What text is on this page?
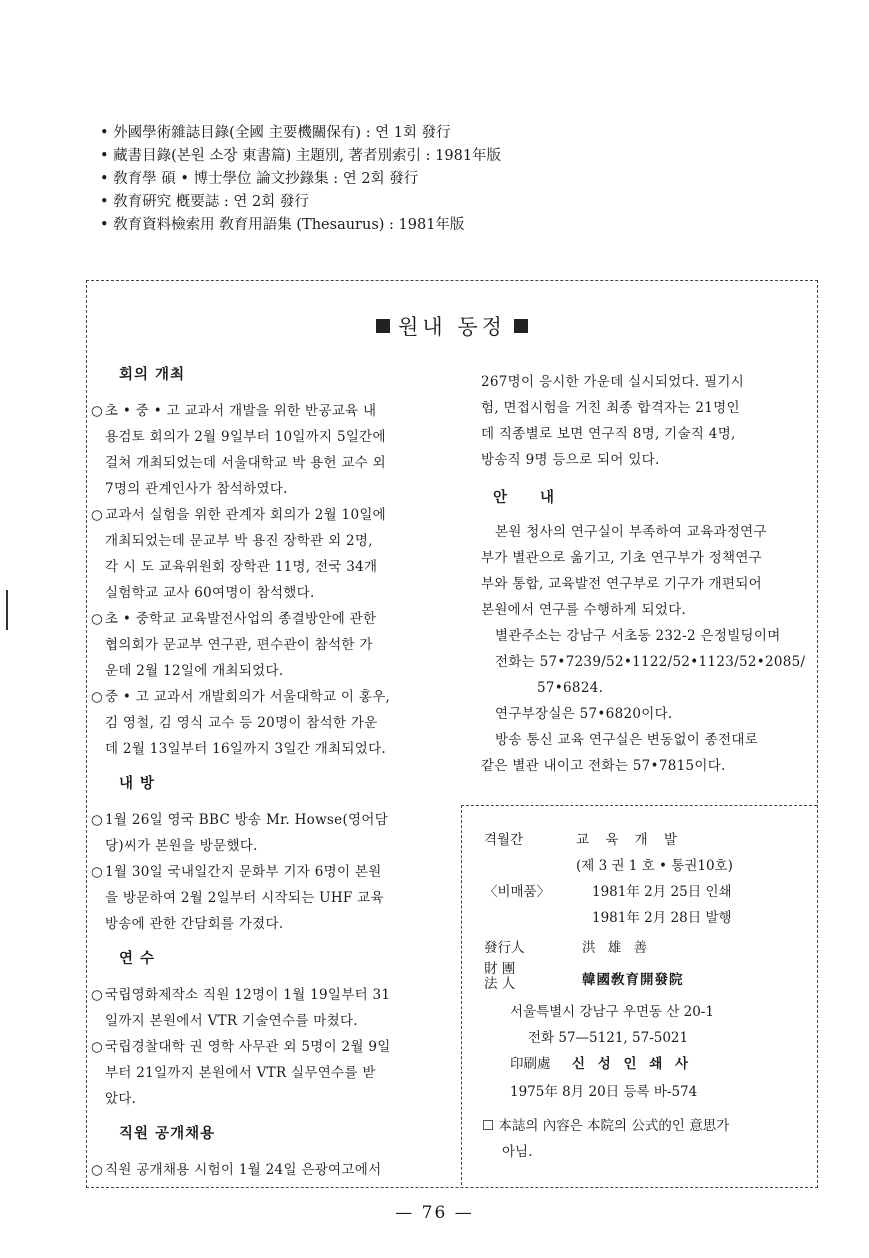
• 外國學術雜誌目錄(全國 主要機關保有) : 연 1회 發行
• 藏書目錄(본원 소장 東書篇) 主題別, 著者別索引 : 1981年版
• 敎育學 碩 • 博士學位 論文抄錄集 : 연 2회 發行
• 敎育硏究 槪要誌 : 연 2회 發行
• 敎育資料檢索用 敎育用語集 (Thesaurus) : 1981年版
원내 동정
회의 개최
○ 초 • 중 • 고 교과서 개발을 위한 반공교육 내
용검토 회의가 2월 9일부터 10일까지 5일간에
걸쳐 개최되었는데 서울대학교 박 용헌 교수 외
7명의 관계인사가 참석하였다.
○ 교과서 실험을 위한 관계자 회의가 2월 10일에
개최되었는데 문교부 박 용진 장학관 외 2명,
각 시 도 교육위원회 장학관 11명, 전국 34개
실험학교 교사 60여명이 참석했다.
○ 초 • 중학교 교육발전사업의 종결방안에 관한
협의회가 문교부 연구관, 편수관이 참석한 가
운데 2월 12일에 개최되었다.
○ 중 • 고 교과서 개발회의가 서울대학교 이 홍우,
김 영철, 김 영식 교수 등 20명이 참석한 가운
데 2월 13일부터 16일까지 3일간 개최되었다.
내 방
○ 1월 26일 영국 BBC 방송 Mr. Howse(영어담
당)씨가 본원을 방문했다.
○ 1월 30일 국내일간지 문화부 기자 6명이 본원
을 방문하여 2월 2일부터 시작되는 UHF 교육
방송에 관한 간담회를 가졌다.
연 수
○ 국립영화제작소 직원 12명이 1월 19일부터 31
일까지 본원에서 VTR 기술연수를 마쳤다.
○ 국립경찰대학 권 영학 사무관 외 5명이 2월 9일
부터 21일까지 본원에서 VTR 실무연수를 받
았다.
직원 공개채용
○ 직원 공개채용 시험이 1월 24일 은광여고에서
267명이 응시한 가운데 실시되었다. 필기시
험, 면접시험을 거친 최종 합격자는 21명인
데 직종별로 보면 연구직 8명, 기술직 4명,
방송직 9명 등으로 되어 있다.
안 내
본원 청사의 연구실이 부족하여 교육과정연구
부가 별관으로 옮기고, 기초 연구부가 정책연구
부와 통합, 교육발전 연구부로 기구가 개편되어
본원에서 연구를 수행하게 되었다.
별관주소는 강남구 서초동 232-2 은정빌딩이며
전화는 57•7239/52•1122/52•1123/52•2085/
57•6824.
연구부장실은 57•6820이다.
방송 통신 교육 연구실은 변동없이 종전대로
같은 별관 내이고 전화는 57•7815이다.
격월간	교 육 개 발
(제 3 권 1 호 • 통권10호)
〈비매품〉	1981年 2月 25日 인쇄
1981年 2月 28日 발행
發行人	洪 雄 善
財 團
法 人	韓國敎育開發院
서울특별시 강남구 우면동 산 20-1
전화 57—5121, 57-5021
印刷處 신 성 인 쇄 사
1975年 8月 20日 등록 바-574
☐ 本誌의 內容은 本院의 公式的인 意思가
아님.
— 76 —
